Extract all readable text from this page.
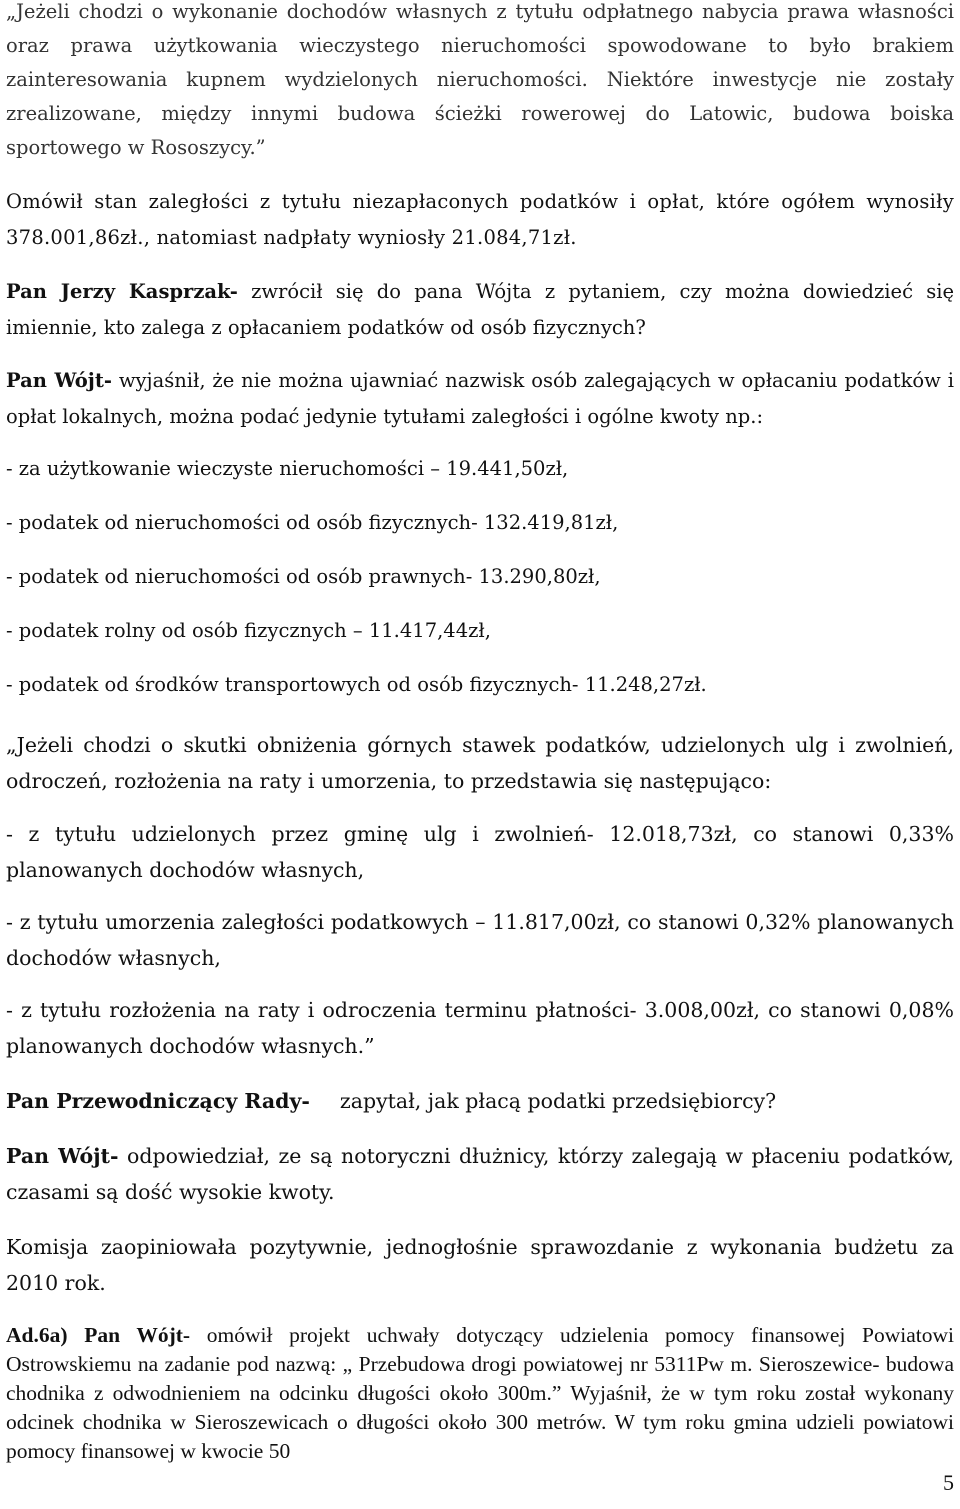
„Jeżeli chodzi o wykonanie dochodów własnych z tytułu odpłatnego nabycia prawa własności oraz prawa użytkowania wieczystego nieruchomości spowodowane to było brakiem zainteresowania kupnem wydzielonych nieruchomości. Niektóre inwestycje nie zostały zrealizowane, między innymi budowa ścieżki rowerowej do Latowic, budowa boiska sportowego w Rososzycy.”

Omówił stan zaległości z tytułu niezapłaconych podatków i opłat, które ogółem wynosiły 378.001,86zł., natomiast nadpłaty wyniosły 21.084,71zł.

Pan Jerzy Kasprzak- zwrócił się do pana Wójta z pytaniem, czy można dowiedzieć się imiennie, kto zalega z opłacaniem podatków od osób fizycznych?

Pan Wójt- wyjaśnił, że nie można ujawniać nazwisk osób zalegających w opłacaniu podatków i opłat lokalnych, można podać jedynie tytułami zaległości i ogólne kwoty np.:

- za użytkowanie wieczyste nieruchomości – 19.441,50zł,
- podatek od nieruchomości od osób fizycznych- 132.419,81zł,
- podatek od nieruchomości od osób prawnych- 13.290,80zł,
- podatek rolny od osób fizycznych – 11.417,44zł,
- podatek od środków transportowych od osób fizycznych- 11.248,27zł.

„Jeżeli chodzi o skutki obniżenia górnych stawek podatków, udzielonych ulg i zwolnień, odroczeń, rozłożenia na raty i umorzenia, to przedstawia się następująco:

- z tytułu udzielonych przez gminę ulg i zwolnień- 12.018,73zł, co stanowi 0,33% planowanych dochodów własnych,

- z tytułu umorzenia zaległości podatkowych – 11.817,00zł, co stanowi 0,32% planowanych dochodów własnych,

- z tytułu rozłożenia na raty i odroczenia terminu płatności- 3.008,00zł, co stanowi 0,08% planowanych dochodów własnych.”

Pan Przewodniczący Rady- zapytał, jak płacą podatki przedsiębiorcy?

Pan Wójt- odpowiedział, ze są notoryczni dłużnicy, którzy zalegają w płaceniu podatków, czasami są dość wysokie kwoty.

Komisja zaopiniowała pozytywnie, jednogłośnie sprawozdanie z wykonania budżetu za 2010 rok.

Ad.6a) Pan Wójt- omówił projekt uchwały dotyczący udzielenia pomocy finansowej Powiatowi Ostrowskiemu na zadanie pod nazwą: „ Przebudowa drogi powiatowej nr 5311Pw m. Sieroszewice- budowa chodnika z odwodnieniem na odcinku długości około 300m.” Wyjaśnił, że w tym roku został wykonany odcinek chodnika w Sieroszewicach o długości około 300 metrów. W tym roku gmina udzieli powiatowi pomocy finansowej w kwocie 50

5
